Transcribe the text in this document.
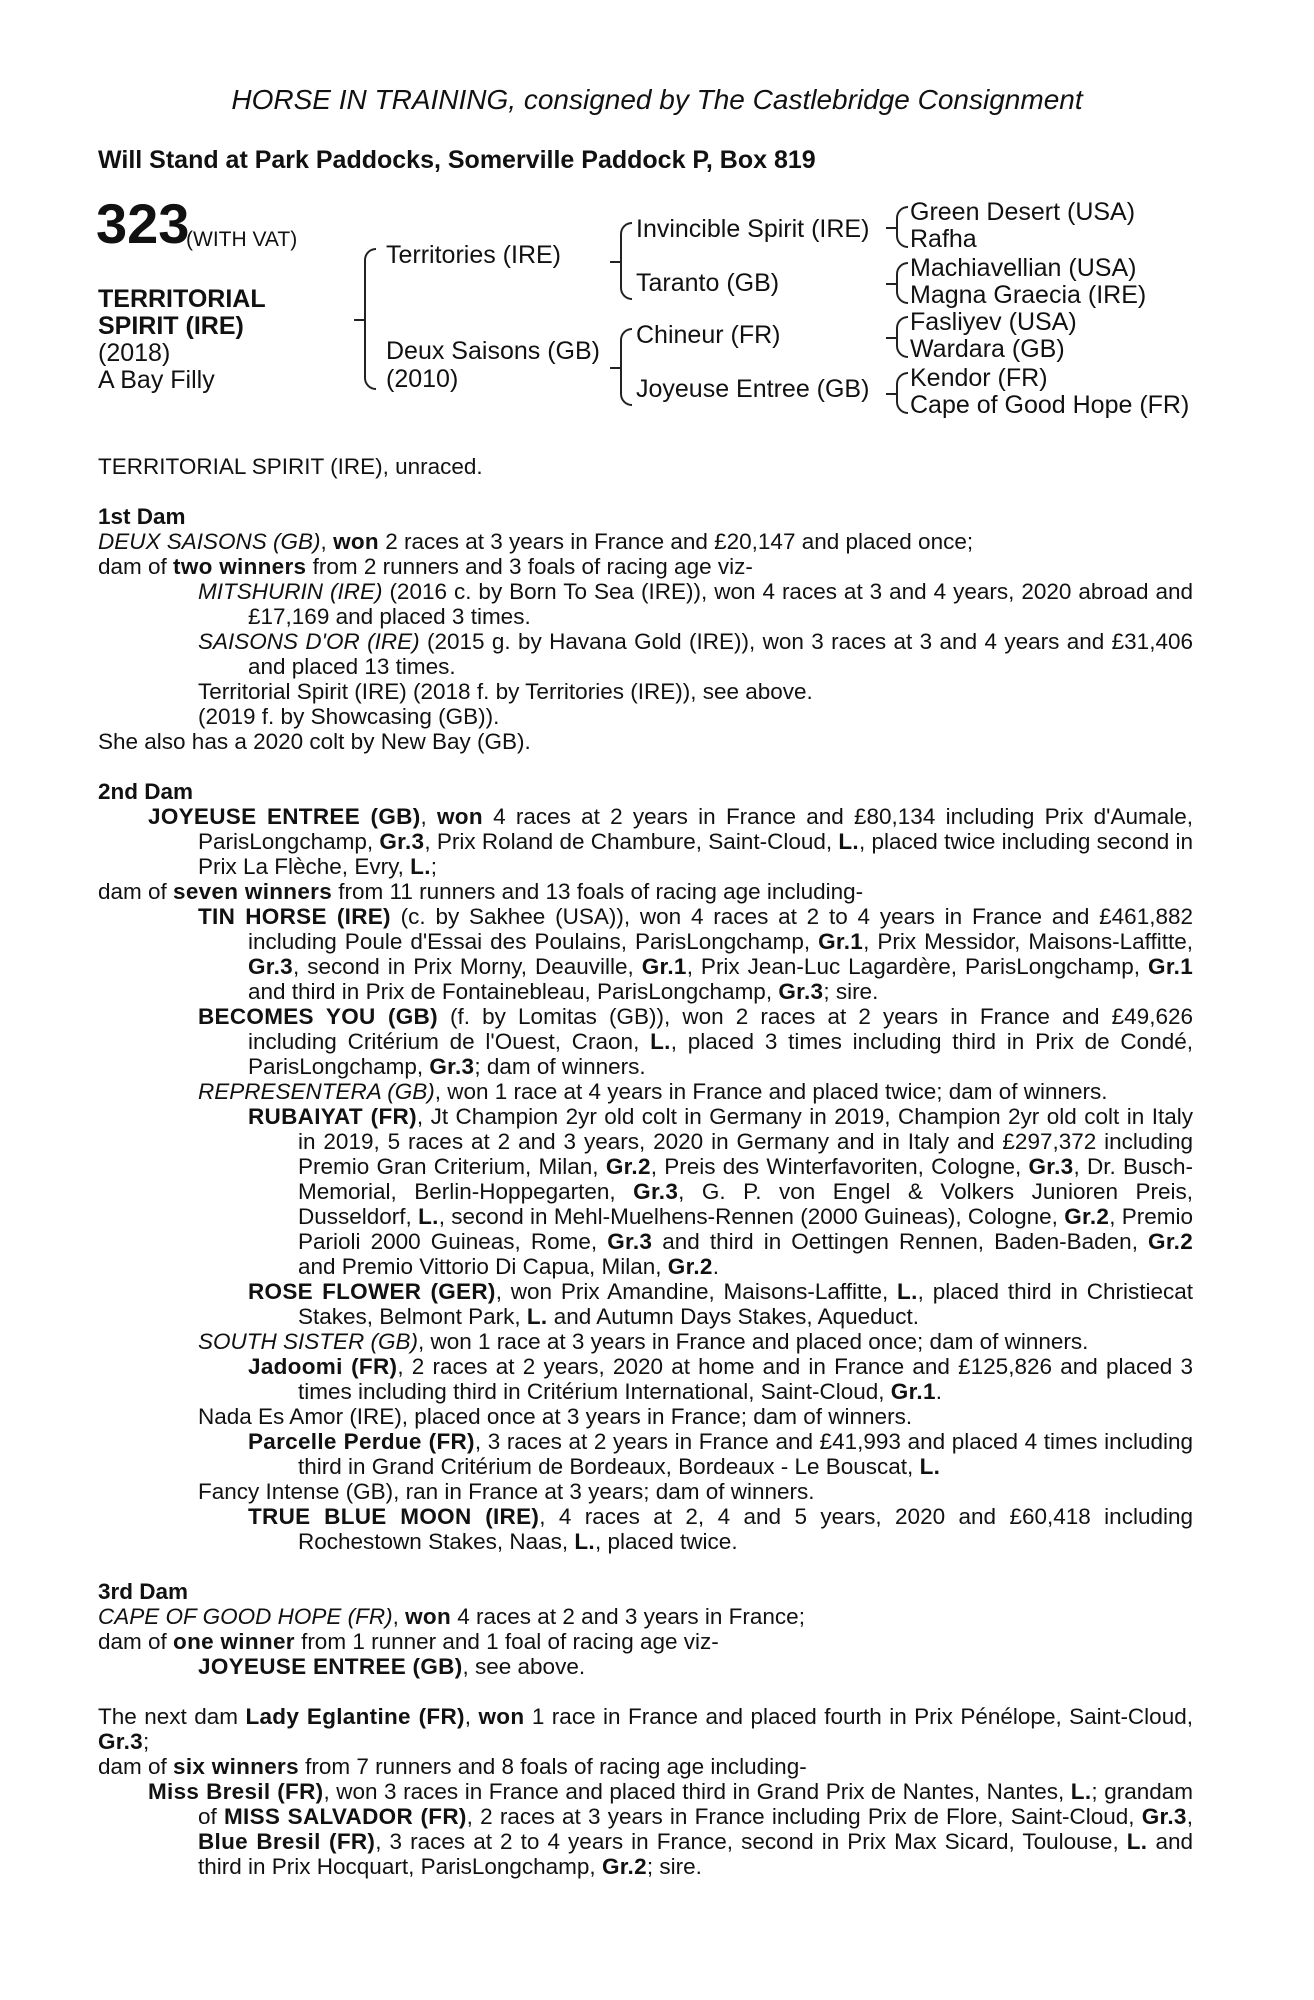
HORSE IN TRAINING, consigned by The Castlebridge Consignment
Will Stand at Park Paddocks, Somerville Paddock P, Box 819
323
(WITH VAT)
TERRITORIAL
SPIRIT (IRE)
(2018)
A Bay Filly
Territories (IRE)
Deux Saisons (GB)
(2010)
Invincible Spirit (IRE)
Taranto (GB)
Chineur (FR)
Joyeuse Entree (GB)
Green Desert (USA)
Rafha
Machiavellian (USA)
Magna Graecia (IRE)
Fasliyev (USA)
Wardara (GB)
Kendor (FR)
Cape of Good Hope (FR)

TERRITORIAL SPIRIT (IRE), unraced.

1st Dam

DEUX SAISONS (GB), won 2 races at 3 years in France and £20,147 and placed once;

dam of two winners from 2 runners and 3 foals of racing age viz-

MITSHURIN (IRE) (2016 c. by Born To Sea (IRE)), won 4 races at 3 and 4 years, 2020 abroad and £17,169 and placed 3 times.

SAISONS D'OR (IRE) (2015 g. by Havana Gold (IRE)), won 3 races at 3 and 4 years and £31,406 and placed 13 times.

Territorial Spirit (IRE) (2018 f. by Territories (IRE)), see above.

(2019 f. by Showcasing (GB)).

She also has a 2020 colt by New Bay (GB).

2nd Dam

JOYEUSE ENTREE (GB), won 4 races at 2 years in France and £80,134 including Prix d'Aumale, ParisLongchamp, Gr.3, Prix Roland de Chambure, Saint-Cloud, L., placed twice including second in Prix La Flèche, Evry, L.;

dam of seven winners from 11 runners and 13 foals of racing age including-

TIN HORSE (IRE) (c. by Sakhee (USA)), won 4 races at 2 to 4 years in France and £461,882 including Poule d'Essai des Poulains, ParisLongchamp, Gr.1, Prix Messidor, Maisons-Laffitte, Gr.3, second in Prix Morny, Deauville, Gr.1, Prix Jean-Luc Lagardère, ParisLongchamp, Gr.1 and third in Prix de Fontainebleau, ParisLongchamp, Gr.3; sire.

BECOMES YOU (GB) (f. by Lomitas (GB)), won 2 races at 2 years in France and £49,626 including Critérium de l'Ouest, Craon, L., placed 3 times including third in Prix de Condé, ParisLongchamp, Gr.3; dam of winners.

REPRESENTERA (GB), won 1 race at 4 years in France and placed twice; dam of winners.

RUBAIYAT (FR), Jt Champion 2yr old colt in Germany in 2019, Champion 2yr old colt in Italy in 2019, 5 races at 2 and 3 years, 2020 in Germany and in Italy and £297,372 including Premio Gran Criterium, Milan, Gr.2, Preis des Winterfavoriten, Cologne, Gr.3, Dr. Busch-Memorial, Berlin-Hoppegarten, Gr.3, G. P. von Engel & Volkers Junioren Preis, Dusseldorf, L., second in Mehl-Muelhens-Rennen (2000 Guineas), Cologne, Gr.2, Premio Parioli 2000 Guineas, Rome, Gr.3 and third in Oettingen Rennen, Baden-Baden, Gr.2 and Premio Vittorio Di Capua, Milan, Gr.2.

ROSE FLOWER (GER), won Prix Amandine, Maisons-Laffitte, L., placed third in Christiecat Stakes, Belmont Park, L. and Autumn Days Stakes, Aqueduct.

SOUTH SISTER (GB), won 1 race at 3 years in France and placed once; dam of winners.

Jadoomi (FR), 2 races at 2 years, 2020 at home and in France and £125,826 and placed 3 times including third in Critérium International, Saint-Cloud, Gr.1.

Nada Es Amor (IRE), placed once at 3 years in France; dam of winners.

Parcelle Perdue (FR), 3 races at 2 years in France and £41,993 and placed 4 times including third in Grand Critérium de Bordeaux, Bordeaux - Le Bouscat, L.

Fancy Intense (GB), ran in France at 3 years; dam of winners.

TRUE BLUE MOON (IRE), 4 races at 2, 4 and 5 years, 2020 and £60,418 including Rochestown Stakes, Naas, L., placed twice.

3rd Dam

CAPE OF GOOD HOPE (FR), won 4 races at 2 and 3 years in France;

dam of one winner from 1 runner and 1 foal of racing age viz-

JOYEUSE ENTREE (GB), see above.

The next dam Lady Eglantine (FR), won 1 race in France and placed fourth in Prix Pénélope, Saint-Cloud, Gr.3;

dam of six winners from 7 runners and 8 foals of racing age including-

Miss Bresil (FR), won 3 races in France and placed third in Grand Prix de Nantes, Nantes, L.; grandam of MISS SALVADOR (FR), 2 races at 3 years in France including Prix de Flore, Saint-Cloud, Gr.3, Blue Bresil (FR), 3 races at 2 to 4 years in France, second in Prix Max Sicard, Toulouse, L. and third in Prix Hocquart, ParisLongchamp, Gr.2; sire.
